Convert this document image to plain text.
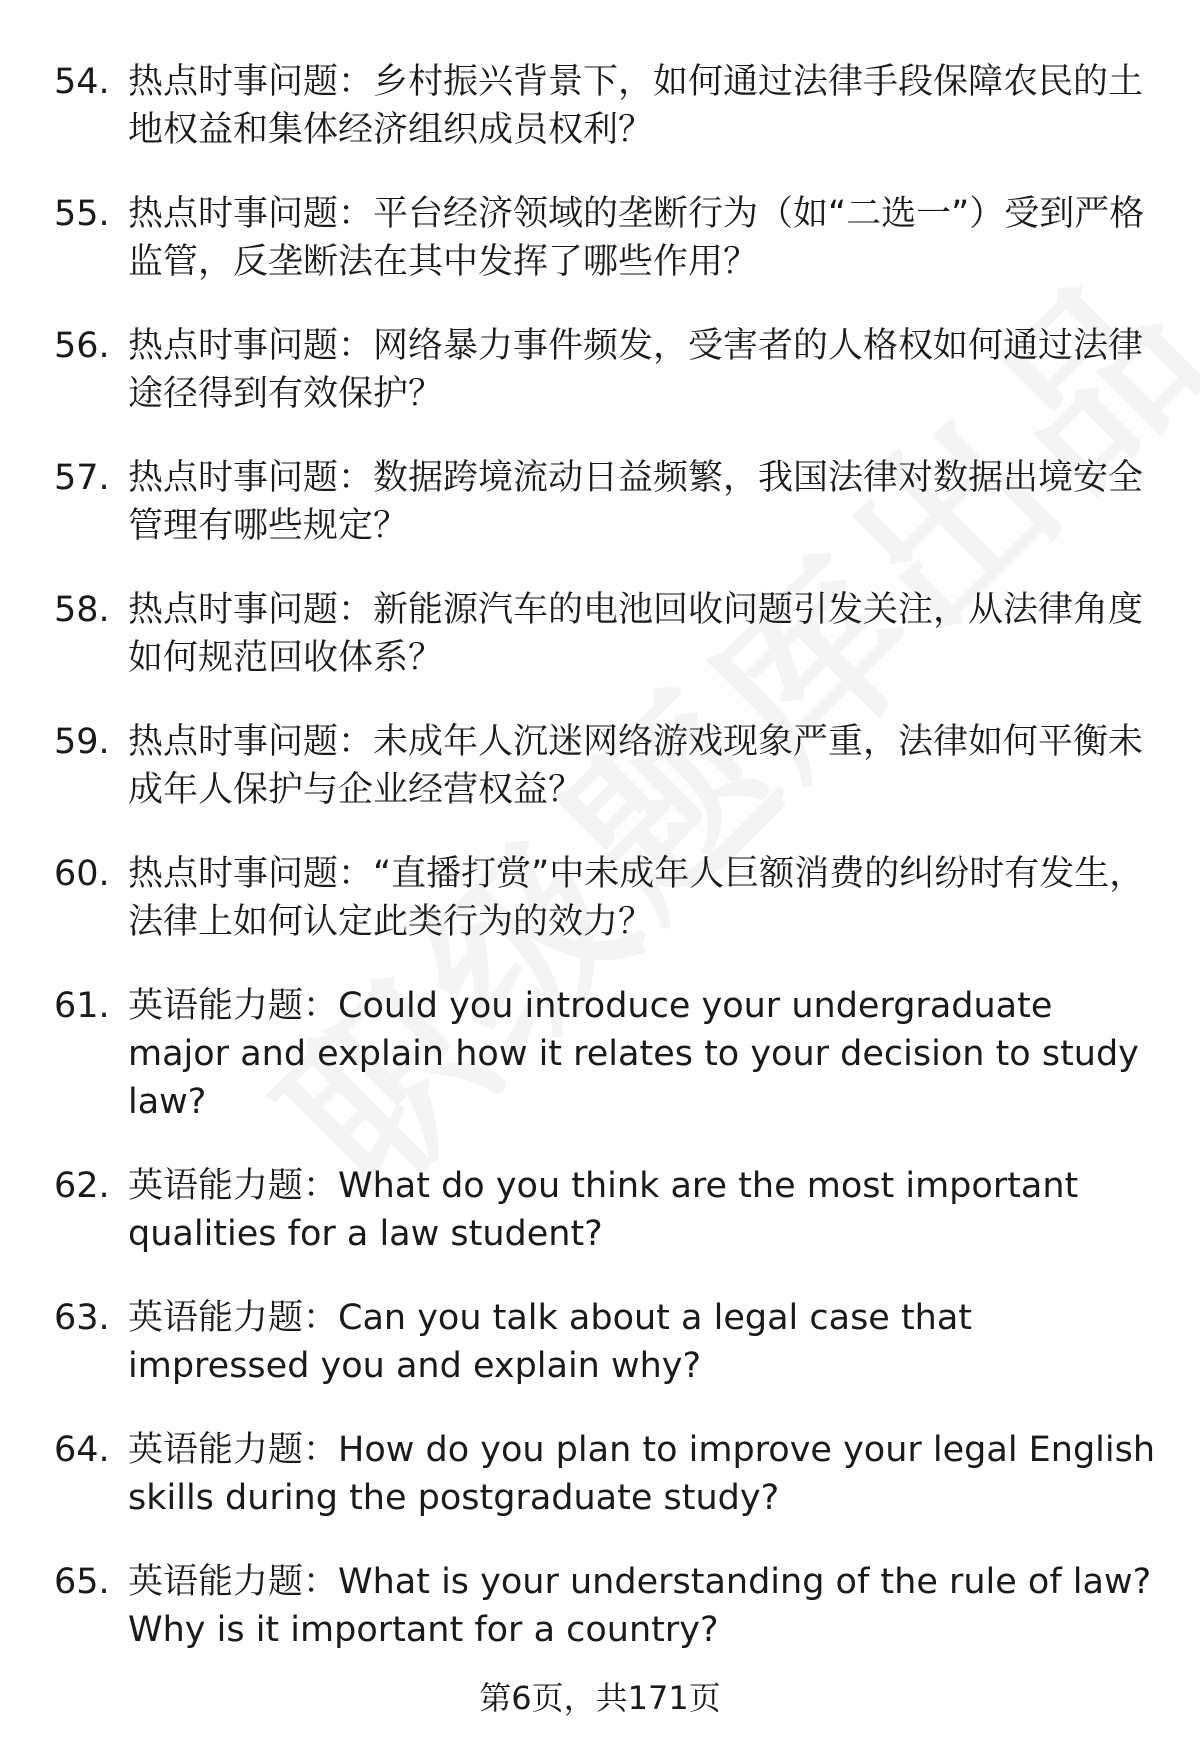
54. 热点时事问题：乡村振兴背景下，如何通过法律手段保障农民的土地权益和集体经济组织成员权利？
55. 热点时事问题：平台经济领域的垄断行为（如“二选一”）受到严格监管，反垄断法在其中发挥了哪些作用？
56. 热点时事问题：网络暴力事件频发，受害者的人格权如何通过法律途径得到有效保护？
57. 热点时事问题：数据跨境流动日益频繁，我国法律对数据出境安全管理有哪些规定？
58. 热点时事问题：新能源汽车的电池回收问题引发关注，从法律角度如何规范回收体系？
59. 热点时事问题：未成年人沉迷网络游戏现象严重，法律如何平衡未成年人保护与企业经营权益？
60. 热点时事问题：“直播打赏”中未成年人巨额消费的纠纷时有发生，法律上如何认定此类行为的效力？
61. 英语能力题：Could you introduce your undergraduate major and explain how it relates to your decision to study law?
62. 英语能力题：What do you think are the most important qualities for a law student?
63. 英语能力题：Can you talk about a legal case that impressed you and explain why?
64. 英语能力题：How do you plan to improve your legal English skills during the postgraduate study?
65. 英语能力题：What is your understanding of the rule of law? Why is it important for a country?
第6页，共171页
